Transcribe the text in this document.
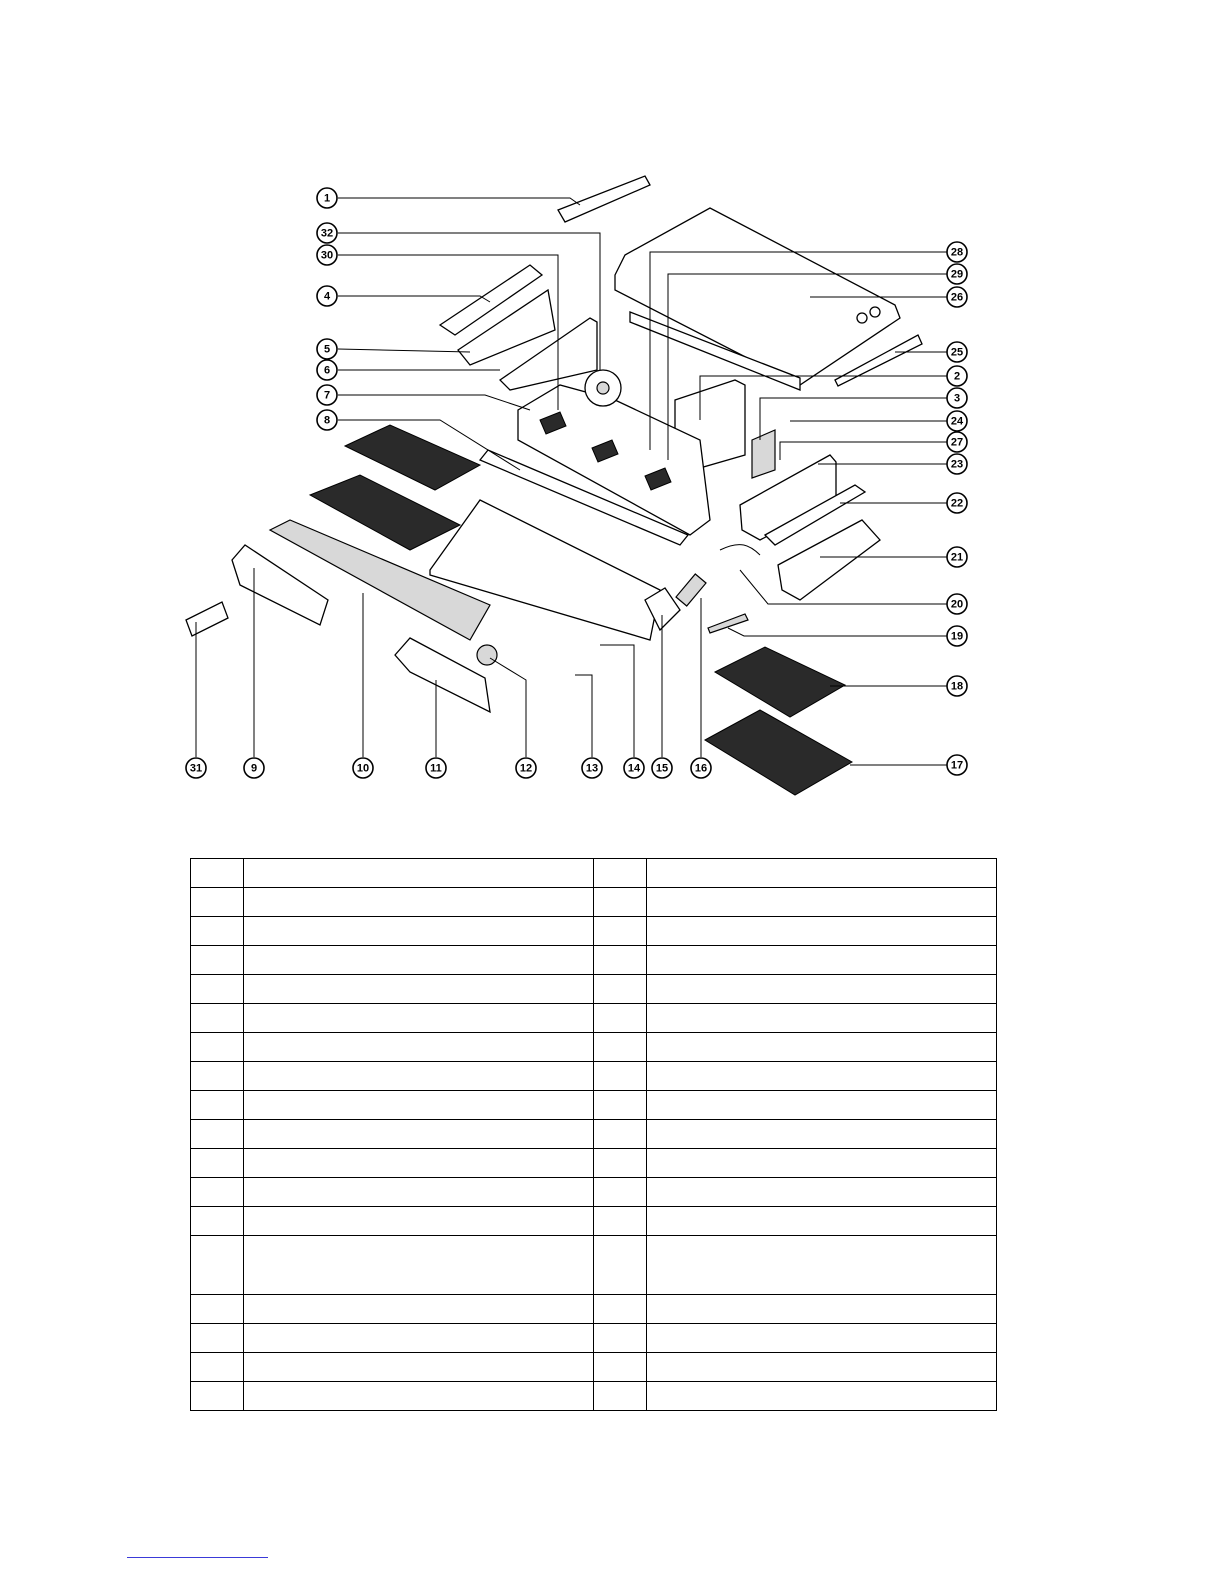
1
32
30
4
5
6
7
8
28
29
26
25
2
3
24
27
23
22
21
20
19
18
17
31	9	10	11	12	13	14 15 16
